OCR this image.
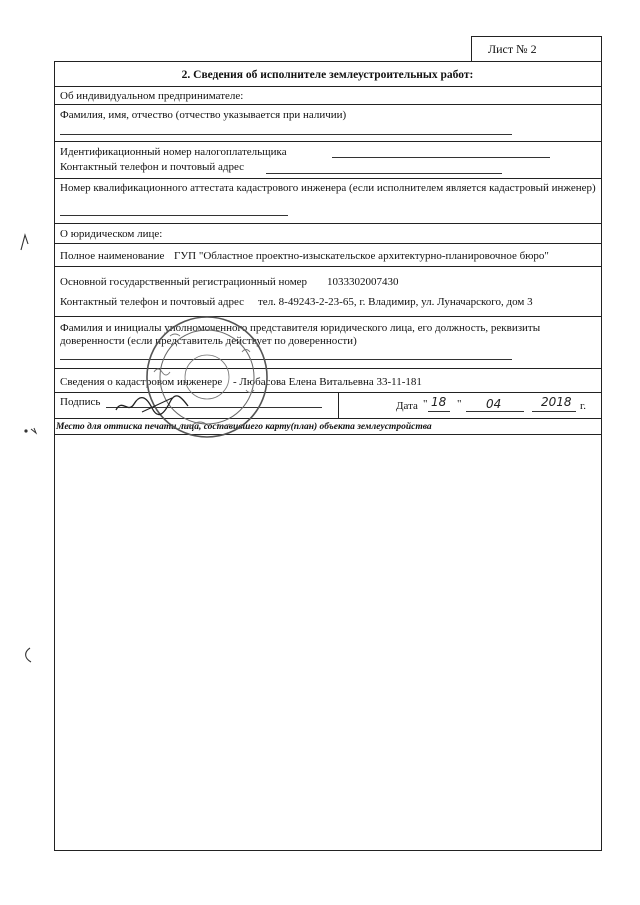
Лист № 2
2. Сведения об исполнителе землеустроительных работ:
Об индивидуальном предпринимателе:
Фамилия, имя, отчество (отчество указывается при наличии)
Идентификационный номер налогоплательщика
Контактный телефон и почтовый адрес
Номер квалификационного аттестата кадастрового инженера (если исполнителем является кадастровый инженер)
О юридическом лице:
Полное наименование ГУП "Областное проектно-изыскательское архитектурно-планировочное бюро"
Основной государственный регистрационный номер 1033302007430
Контактный телефон и почтовый адрес тел. 8-49243-2-23-65, г. Владимир, ул. Луначарского, дом 3
Фамилия и инициалы уполномоченного представителя юридического лица, его должность, реквизиты доверенности (если представитель действует по доверенности)
Сведения о кадастровом инженере - Любасова Елена Витальевна 33-11-181
Подпись	Дата " 18 " 04	2018 г.
Место для оттиска печати лица, составившего карту(план) объекта землеустройства
